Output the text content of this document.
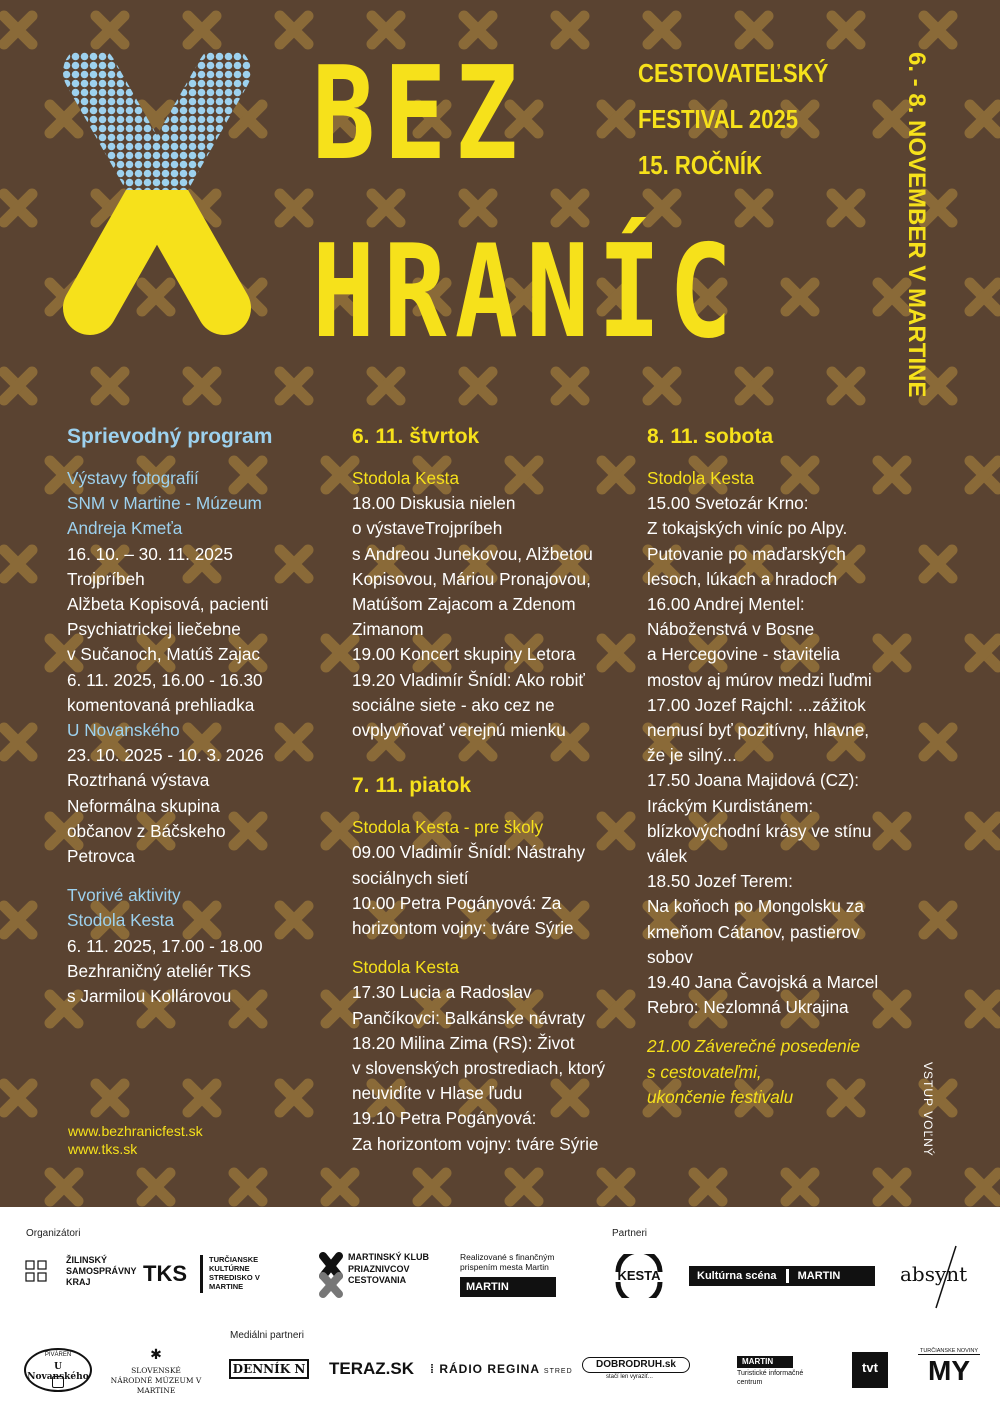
BEZ
HRANÍC
CESTOVATEĽSKÝ
FESTIVAL 2025
15. ROČNÍK	6. - 8. NOVEMBER V MARTINE
Sprievodný program
Výstavy fotografií
SNM v Martine - Múzeum
Andreja Kmeťa
16. 10. – 30. 11. 2025
Trojpríbeh
Alžbeta Kopisová, pacienti
Psychiatrickej liečebne
v Sučanoch, Matúš Zajac
6. 11. 2025, 16.00 - 16.30
komentovaná prehliadka
U Novanského
23. 10. 2025 - 10. 3. 2026
Roztrhaná výstava
Neformálna skupina
občanov z Báčskeho
Petrovca
Tvorivé aktivity
Stodola Kesta
6. 11. 2025, 17.00 - 18.00
Bezhraničný ateliér TKS
s Jarmilou Kollárovou
6. 11. štvrtok
Stodola Kesta
18.00 Diskusia nielen
o výstaveTrojpríbeh
s Andreou Junekovou, Alžbetou
Kopisovou, Máriou Pronajovou,
Matúšom Zajacom a Zdenom
Zimanom
19.00 Koncert skupiny Letora
19.20 Vladimír Šnídl: Ako robiť
sociálne siete - ako cez ne
ovplyvňovať verejnú mienku
7. 11. piatok
Stodola Kesta - pre školy
09.00 Vladimír Šnídl: Nástrahy
sociálnych sietí
10.00 Petra Pogányová: Za
horizontom vojny: tváre Sýrie
Stodola Kesta
17.30 Lucia a Radoslav
Pančíkovci: Balkánske návraty
18.20 Milina Zima (RS): Život
v slovenských prostrediach, ktorý
neuvidíte v Hlase ľudu
19.10 Petra Pogányová:
Za horizontom vojny: tváre Sýrie
8. 11. sobota
Stodola Kesta
15.00 Svetozár Krno:
Z tokajských viníc po Alpy.
Putovanie po maďarských
lesoch, lúkach a hradoch
16.00 Andrej Mentel:
Náboženstvá v Bosne
a Hercegovine - stavitelia
mostov aj múrov medzi ľuďmi
17.00 Jozef Rajchl: ...zážitok
nemusí byť pozitívny, hlavne,
že je silný...
17.50 Joana Majidová (CZ):
Iráckým Kurdistánem:
blízkovýchodní krásy ve stínu
válek
18.50 Jozef Terem:
Na koňoch po Mongolsku za
kmeňom Cátanov, pastierov
sobov
19.40 Jana Čavojská a Marcel
Rebro: Nezlomná Ukrajina
21.00 Záverečné posedenie
s cestovateľmi,
ukončenie festivalu
www.bezhranicfest.sk
www.tks.sk	VSTUP VOĽNÝ
Organizátori	Partneri
Mediálni partneri
ŽILINSKÝ SAMOSPRÁVNY KRAJ	TKS
TURČIANSKE KULTÚRNE STREDISKO V MARTINE
MARTINSKÝ KLUB PRIAZNIVCOV CESTOVANIA
Realizované s finančným prispením mesta Martin
MARTIN
KESTA	Kultúrna scéna MARTIN	absynt
PIVÁREŇ
U Novanského
✱
SLOVENSKÉ NÁRODNÉ MÚZEUM V MARTINE
DENNÍK N TERAZ.SK ⁞ RÁDIO REGINA STRED
DOBRODRUH.sk
stačí len vyraziť...
MARTIN
Turistické informačné centrum
tvt
TURČIANSKE NOVINY
MY
